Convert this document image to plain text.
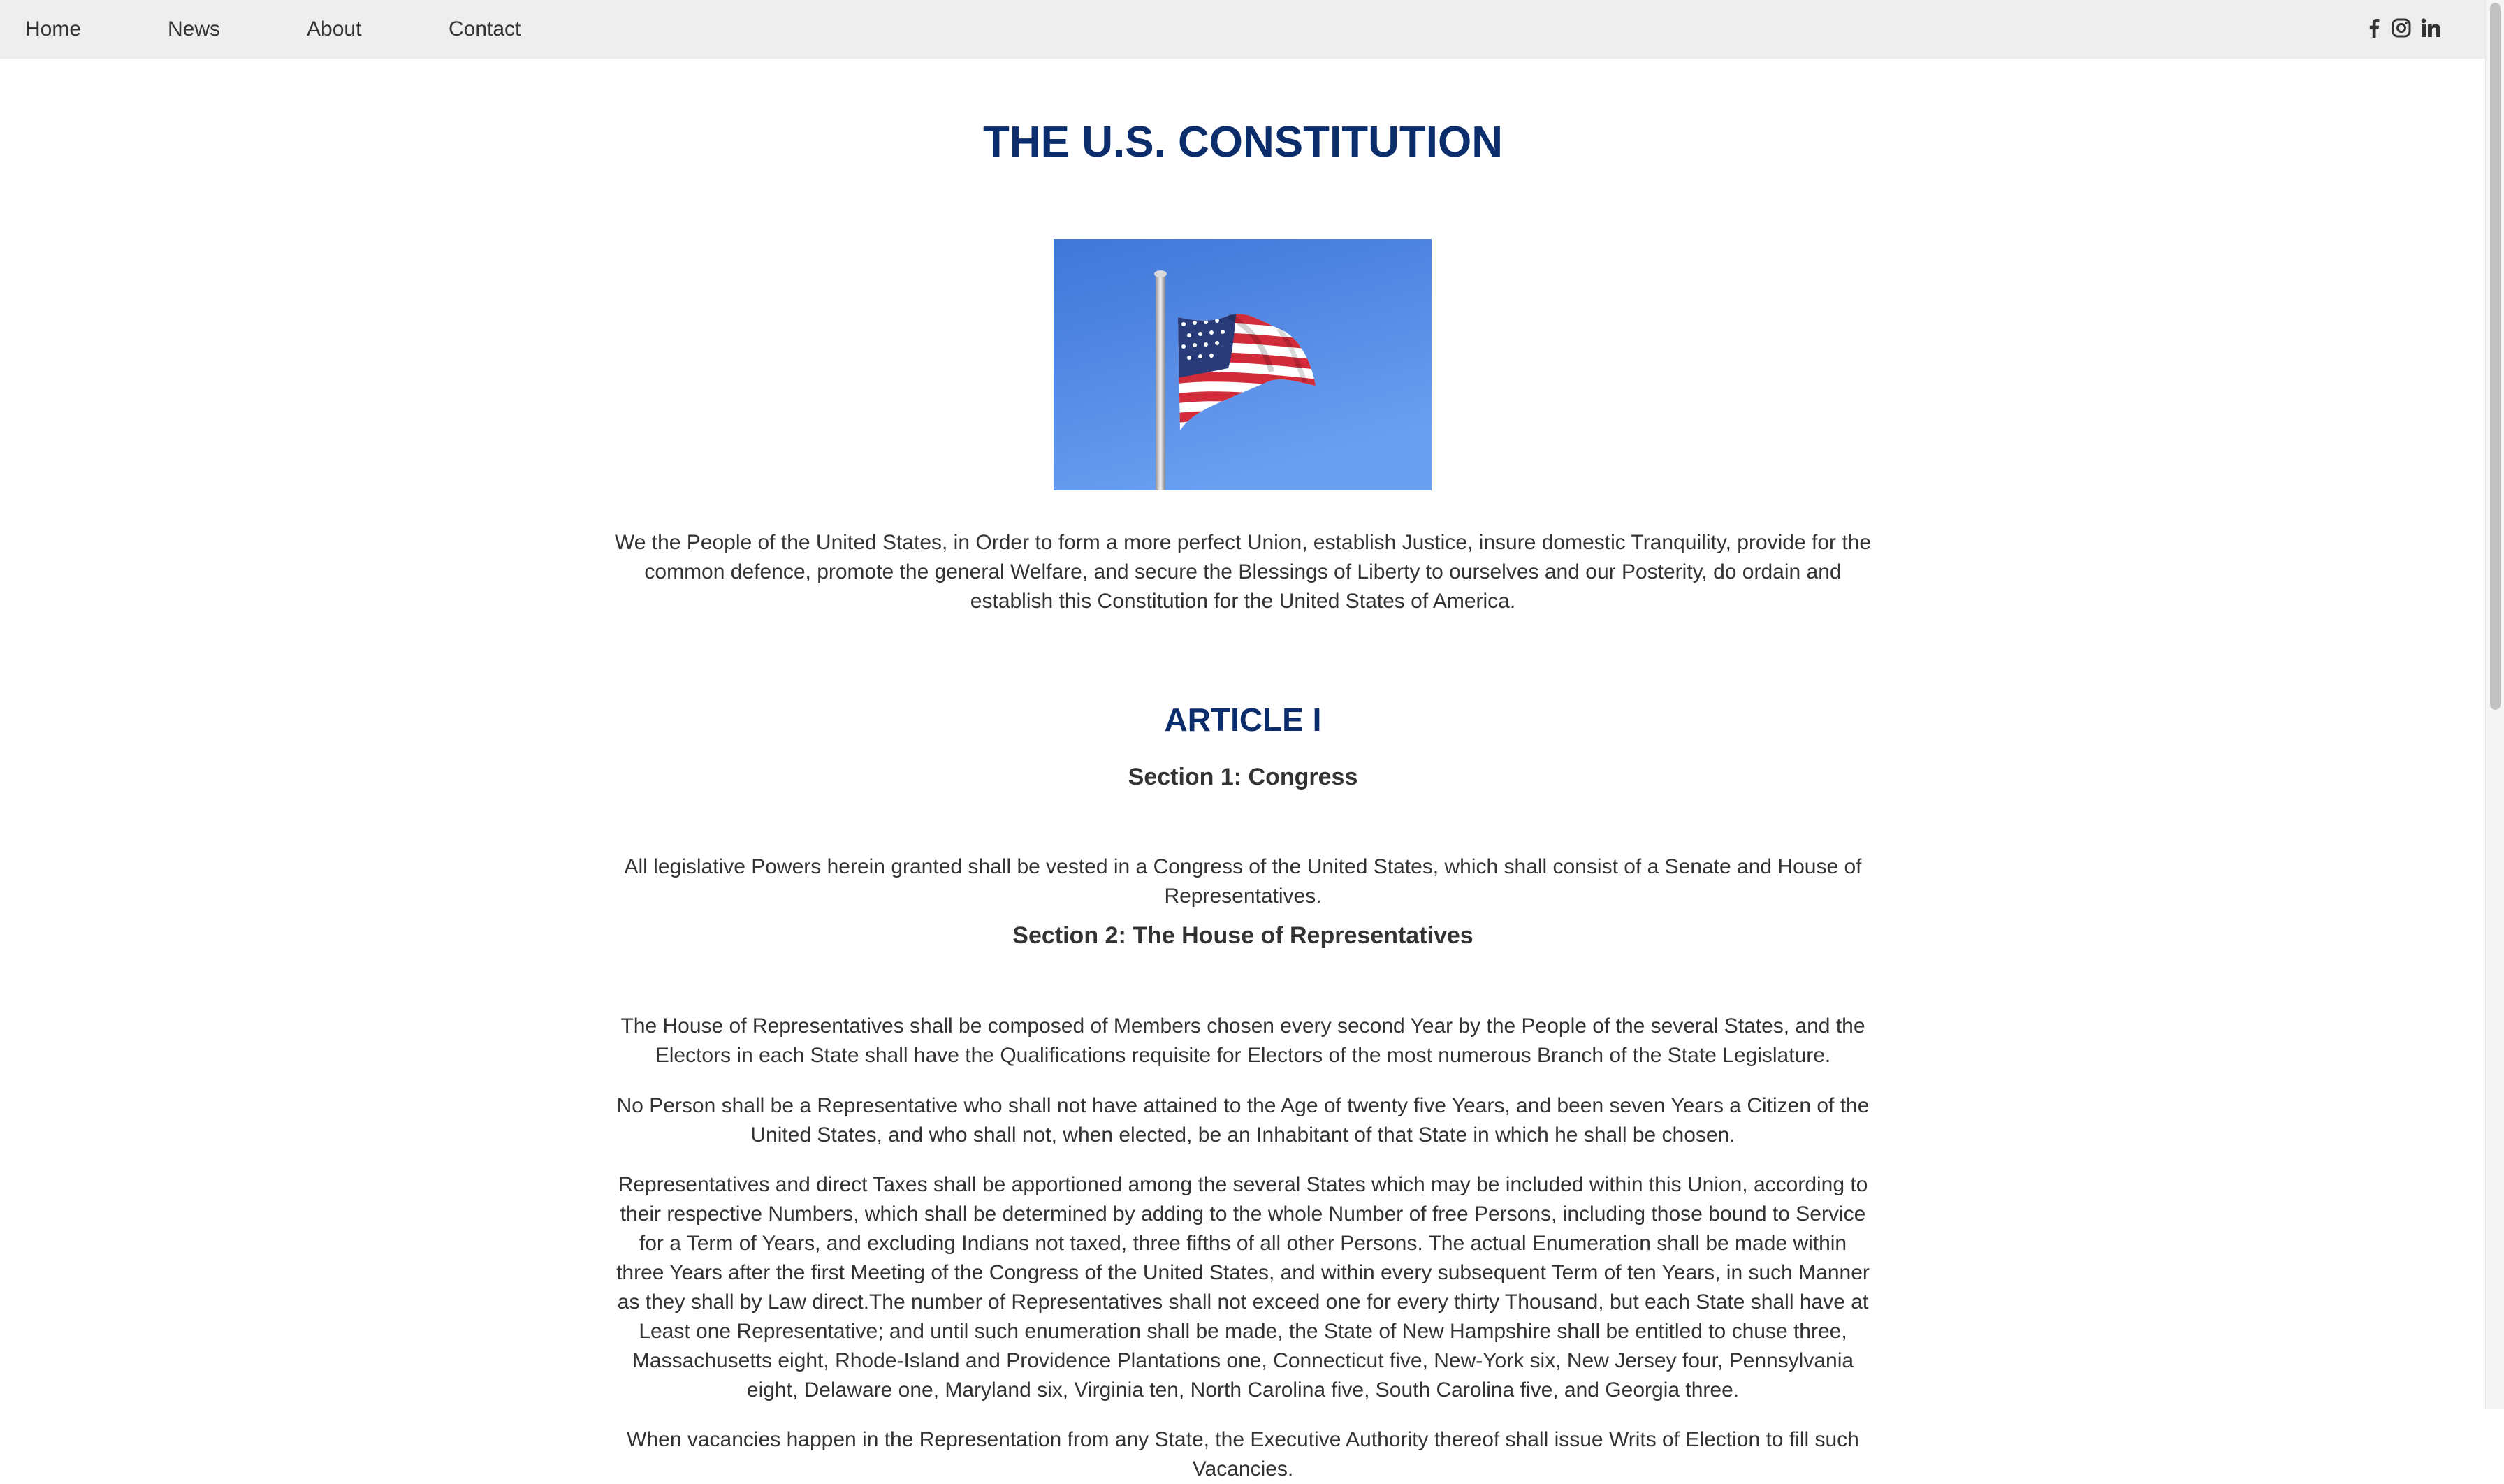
Home	News	About	Contact
THE U.S. CONSTITUTION

We the People of the United States, in Order to form a more perfect Union, establish Justice, insure domestic Tranquility, provide for the common defence, promote the general Welfare, and secure the Blessings of Liberty to ourselves and our Posterity, do ordain and establish this Constitution for the United States of America.

ARTICLE I
Section 1: Congress

All legislative Powers herein granted shall be vested in a Congress of the United States, which shall consist of a Senate and House of Representatives.

Section 2: The House of Representatives

The House of Representatives shall be composed of Members chosen every second Year by the People of the several States, and the Electors in each State shall have the Qualifications requisite for Electors of the most numerous Branch of the State Legislature.

No Person shall be a Representative who shall not have attained to the Age of twenty five Years, and been seven Years a Citizen of the United States, and who shall not, when elected, be an Inhabitant of that State in which he shall be chosen.

Representatives and direct Taxes shall be apportioned among the several States which may be included within this Union, according to their respective Numbers, which shall be determined by adding to the whole Number of free Persons, including those bound to Service for a Term of Years, and excluding Indians not taxed, three fifths of all other Persons. The actual Enumeration shall be made within three Years after the first Meeting of the Congress of the United States, and within every subsequent Term of ten Years, in such Manner as they shall by Law direct.The number of Representatives shall not exceed one for every thirty Thousand, but each State shall have at Least one Representative; and until such enumeration shall be made, the State of New Hampshire shall be entitled to chuse three, Massachusetts eight, Rhode-Island and Providence Plantations one, Connecticut five, New-York six, New Jersey four, Pennsylvania eight, Delaware one, Maryland six, Virginia ten, North Carolina five, South Carolina five, and Georgia three.

When vacancies happen in the Representation from any State, the Executive Authority thereof shall issue Writs of Election to fill such Vacancies.
